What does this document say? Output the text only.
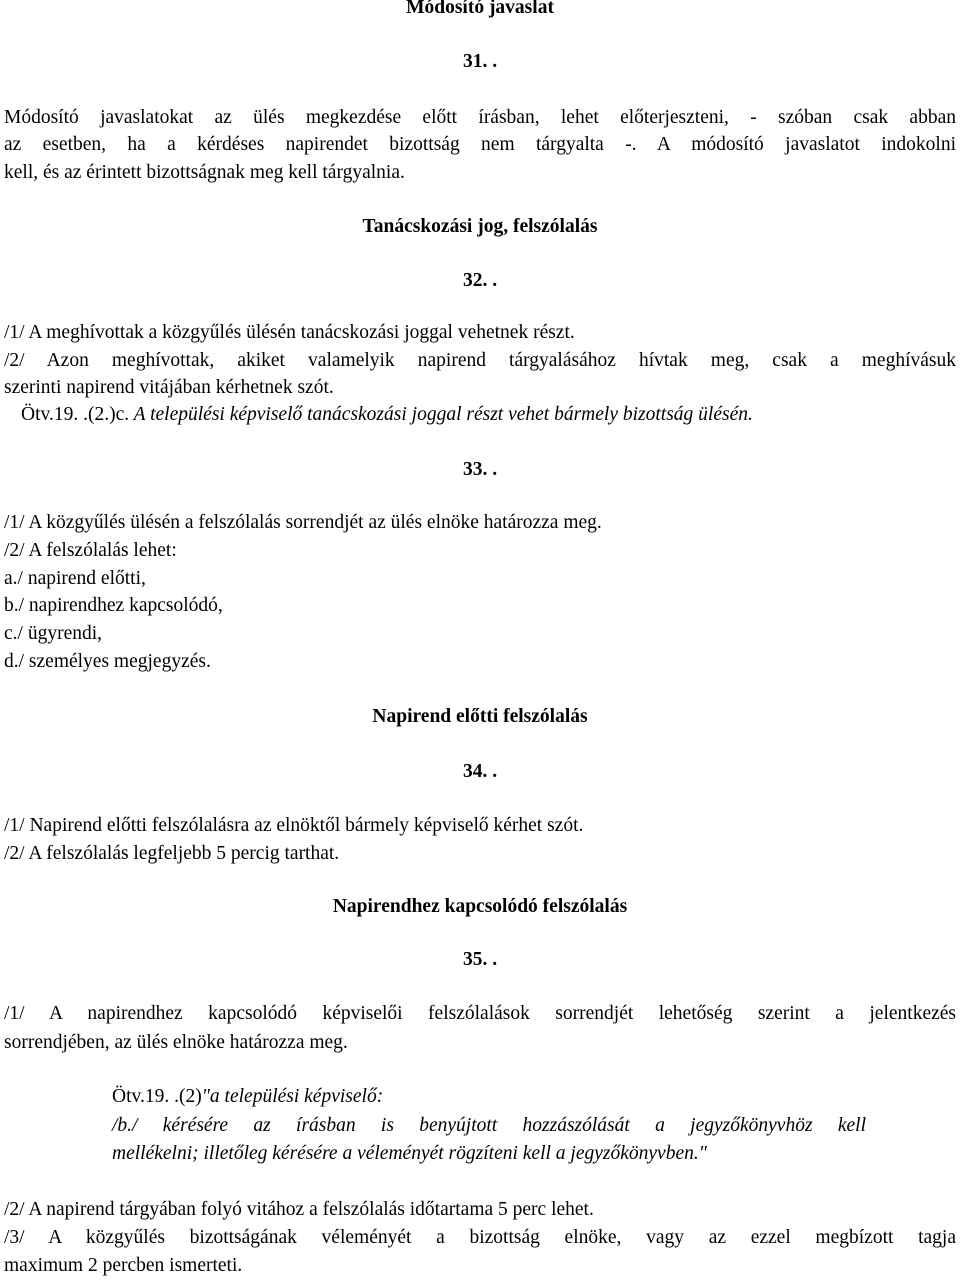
Módosító javaslat
31. .
Módosító javaslatokat az ülés megkezdése előtt írásban, lehet előterjeszteni, - szóban csak abban
az esetben, ha a kérdéses napirendet bizottság nem tárgyalta -. A módosító javaslatot indokolni
kell, és az érintett bizottságnak meg kell tárgyalnia.
Tanácskozási jog, felszólalás
32. .
/1/ A meghívottak a közgyűlés ülésén tanácskozási joggal vehetnek részt.
/2/ Azon meghívottak, akiket valamelyik napirend tárgyalásához hívtak meg, csak a meghívásuk
szerinti napirend vitájában kérhetnek szót.
Ötv.19. .(2.)c. A települési képviselő tanácskozási joggal részt vehet bármely bizottság ülésén.
33. .
/1/ A közgyűlés ülésén a felszólalás sorrendjét az ülés elnöke határozza meg.
/2/ A felszólalás lehet:
a./ napirend előtti,
b./ napirendhez kapcsolódó,
c./ ügyrendi,
d./ személyes megjegyzés.
Napirend előtti felszólalás
34. .
/1/ Napirend előtti felszólalásra az elnöktől bármely képviselő kérhet szót.
/2/ A felszólalás legfeljebb 5 percig tarthat.
Napirendhez kapcsolódó felszólalás
35. .
/1/ A napirendhez kapcsolódó képviselői felszólalások sorrendjét lehetőség szerint a jelentkezés
sorrendjében, az ülés elnöke határozza meg.
Ötv.19. .(2)"a települési képviselő:
/b./ kérésére az írásban is benyújtott hozzászólását a jegyzőkönyvhöz kell
mellékelni; illetőleg kérésére a véleményét rögzíteni kell a jegyzőkönyvben."
/2/ A napirend tárgyában folyó vitához a felszólalás időtartama 5 perc lehet.
/3/ A közgyűlés bizottságának véleményét a bizottság elnöke, vagy az ezzel megbízott tagja
maximum 2 percben ismerteti.
